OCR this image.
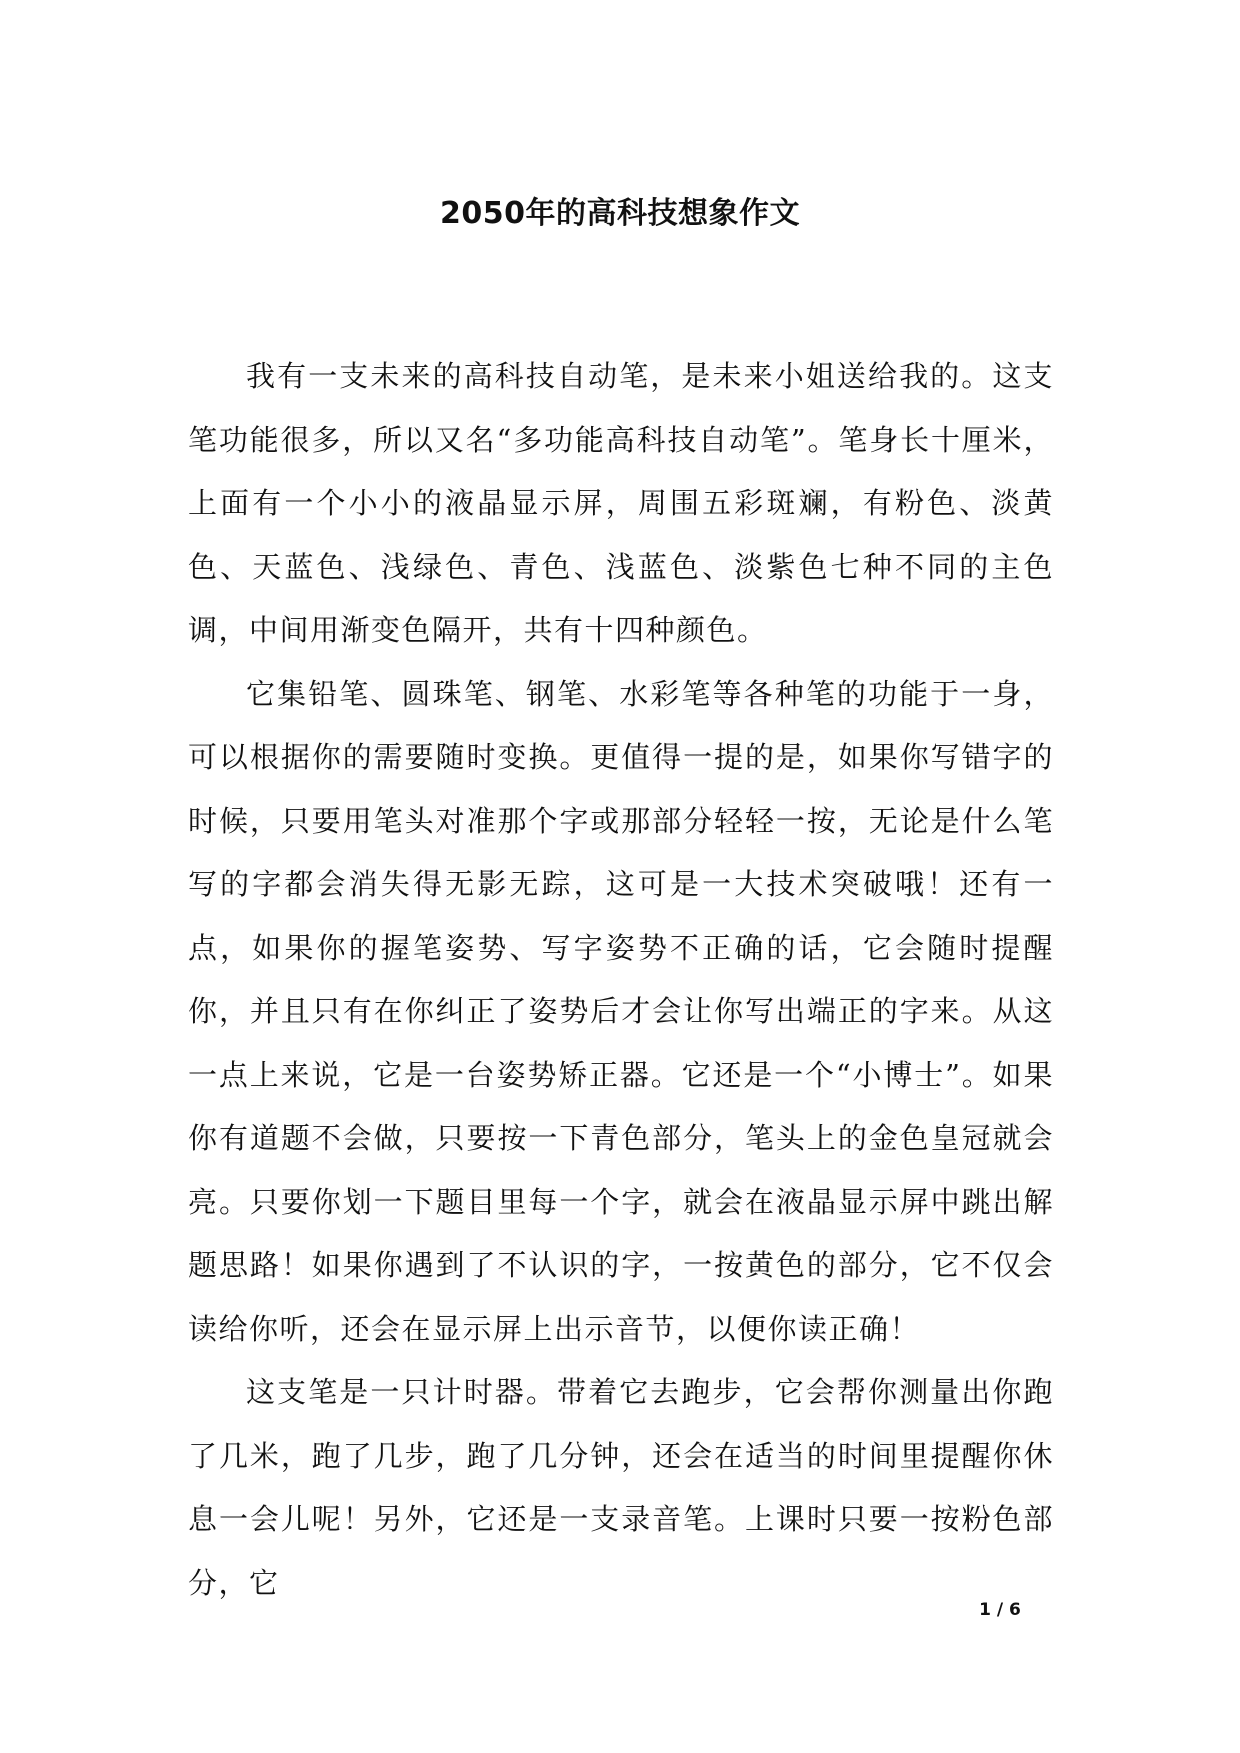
2050年的高科技想象作文

我有一支未来的高科技自动笔，是未来小姐送给我的。这支笔功能很多，所以又名“多功能高科技自动笔”。笔身长十厘米，上面有一个小小的液晶显示屏，周围五彩斑斓，有粉色、淡黄色、天蓝色、浅绿色、青色、浅蓝色、淡紫色七种不同的主色调，中间用渐变色隔开，共有十四种颜色。

它集铅笔、圆珠笔、钢笔、水彩笔等各种笔的功能于一身，可以根据你的需要随时变换。更值得一提的是，如果你写错字的时候，只要用笔头对准那个字或那部分轻轻一按，无论是什么笔写的字都会消失得无影无踪，这可是一大技术突破哦！还有一点，如果你的握笔姿势、写字姿势不正确的话，它会随时提醒你，并且只有在你纠正了姿势后才会让你写出端正的字来。从这一点上来说，它是一台姿势矫正器。它还是一个“小博士”。如果你有道题不会做，只要按一下青色部分，笔头上的金色皇冠就会亮。只要你划一下题目里每一个字，就会在液晶显示屏中跳出解题思路！如果你遇到了不认识的字，一按黄色的部分，它不仅会读给你听，还会在显示屏上出示音节，以便你读正确！

这支笔是一只计时器。带着它去跑步，它会帮你测量出你跑了几米，跑了几步，跑了几分钟，还会在适当的时间里提醒你休息一会儿呢！另外，它还是一支录音笔。上课时只要一按粉色部分，它

1 / 6
